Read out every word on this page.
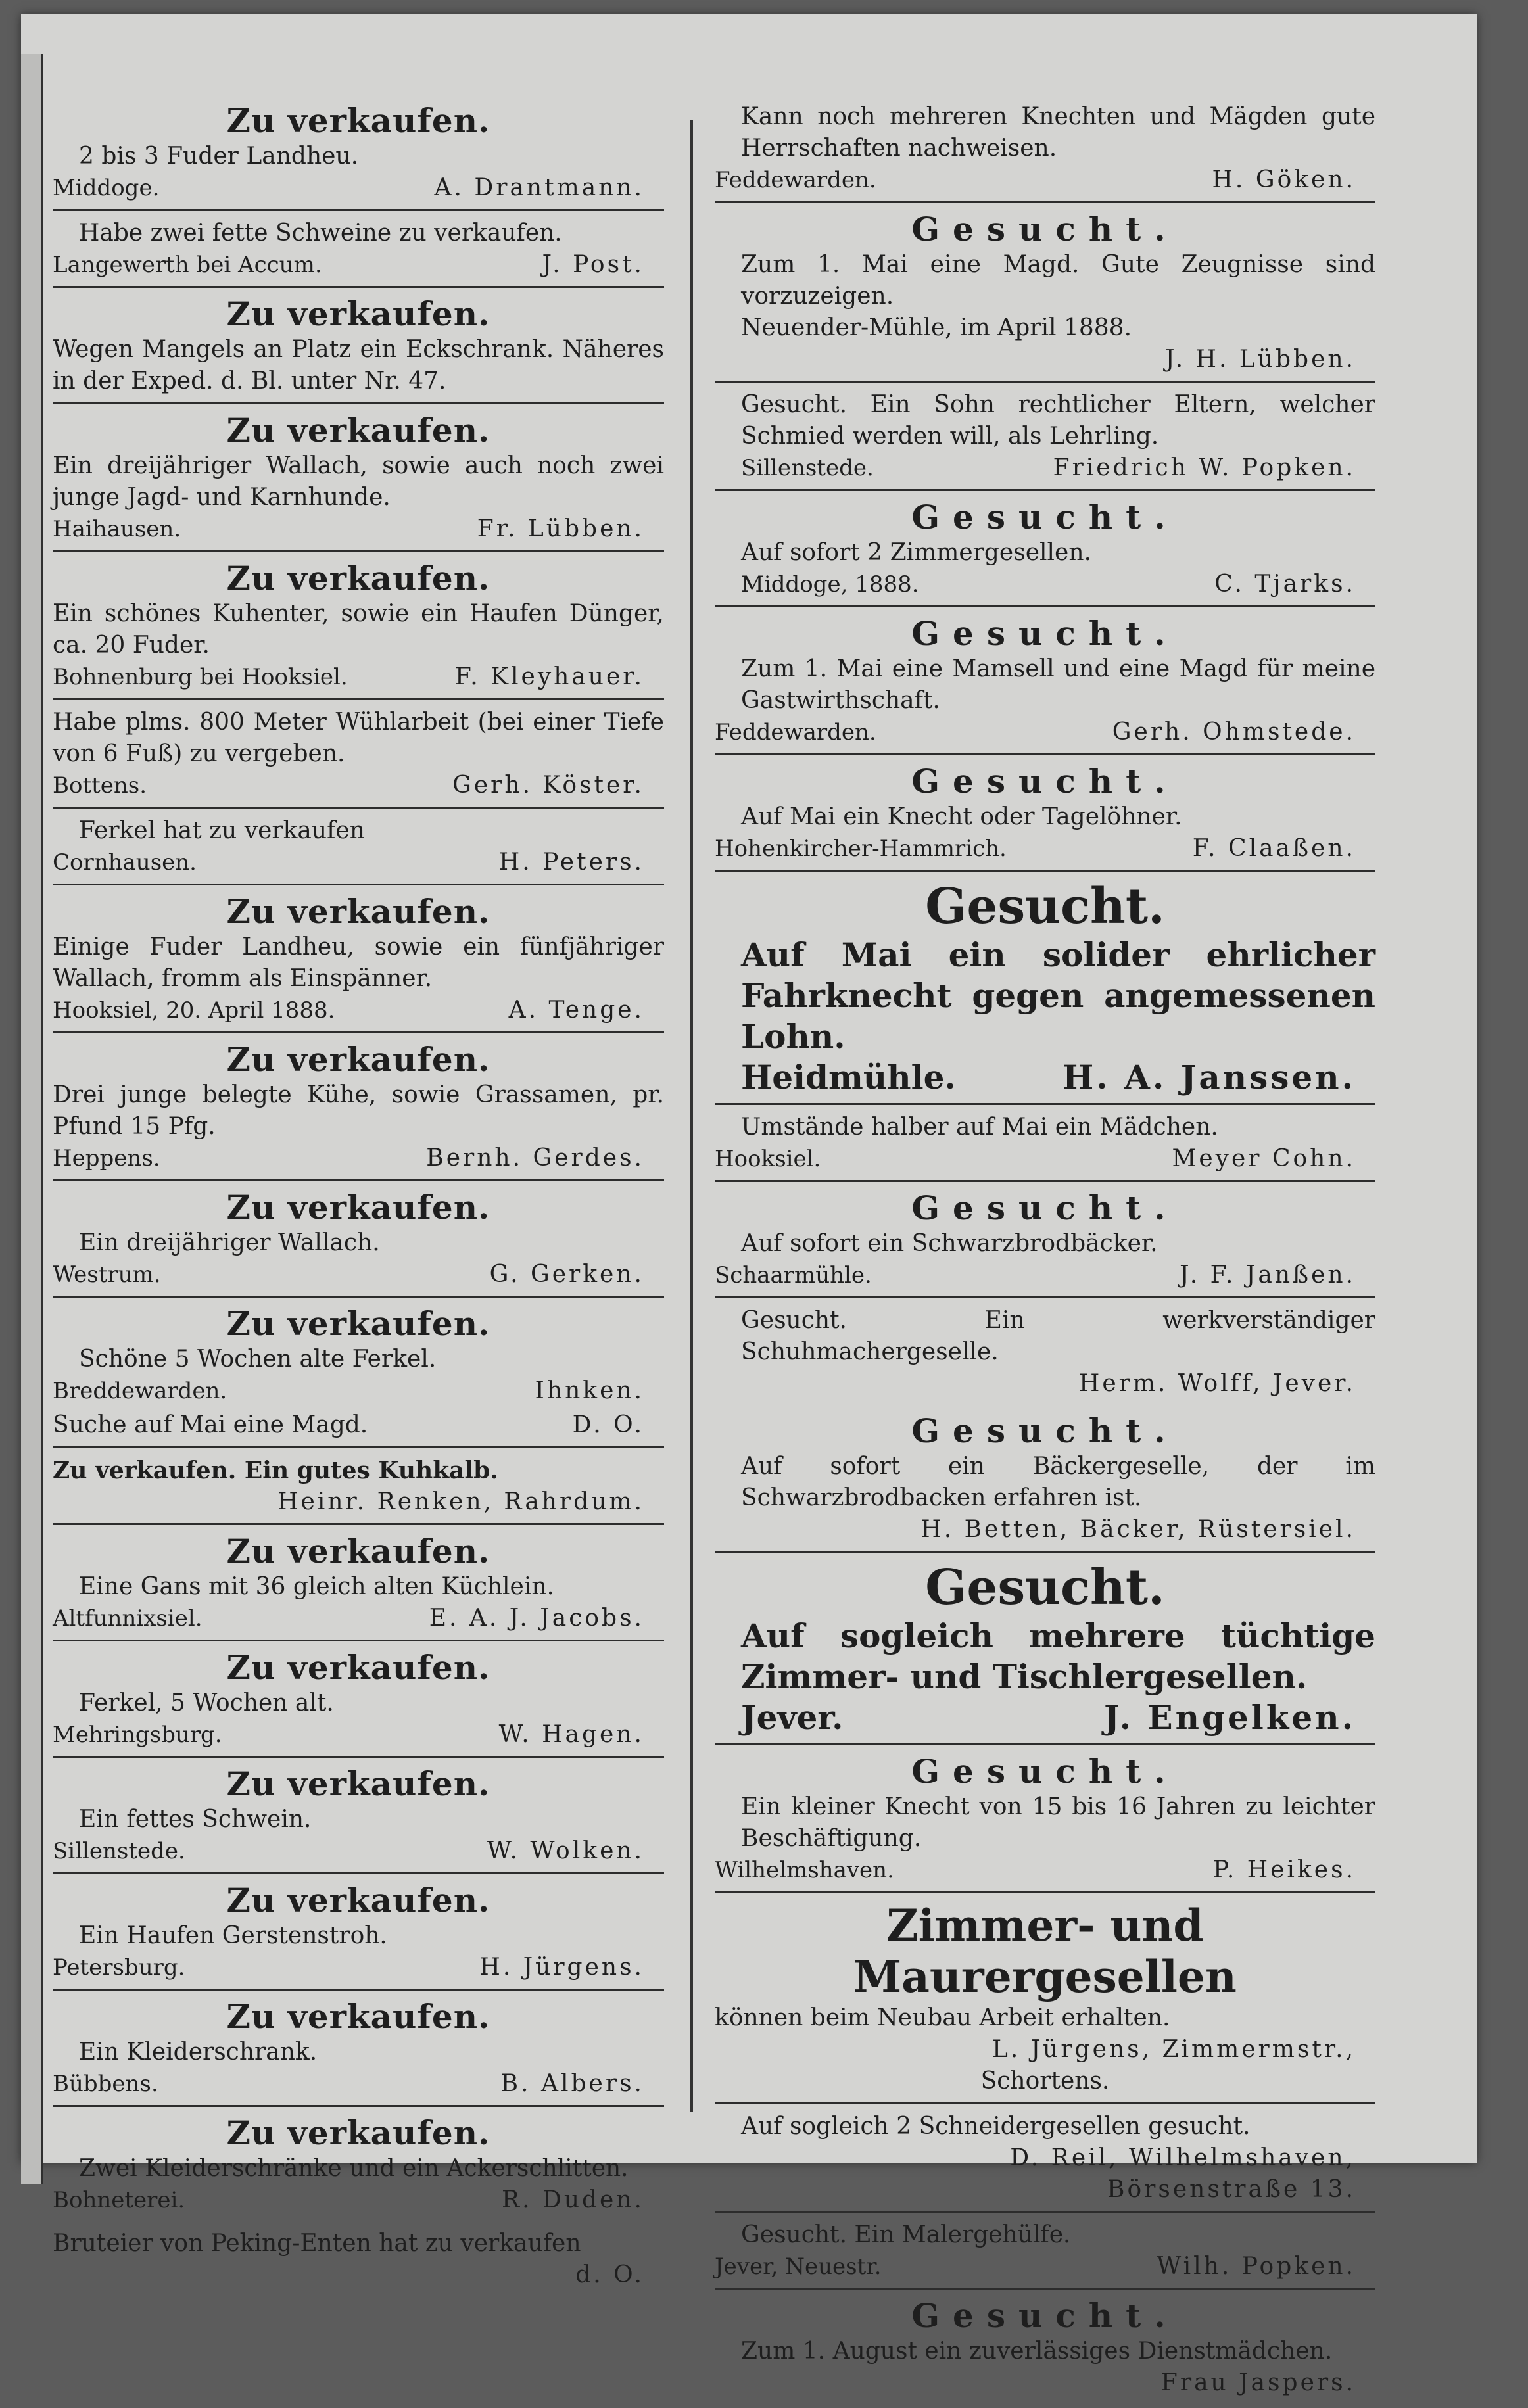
Zu verkaufen.
2 bis 3 Fuder Landheu.
Middoge.	A. Drantmann.
Habe zwei fette Schweine zu verkaufen.
Langewerth bei Accum.	J. Post.
Zu verkaufen.
Wegen Mangels an Platz ein Eckschrank. Näheres in der Exped. d. Bl. unter Nr. 47.
Zu verkaufen.
Ein dreijähriger Wallach, sowie auch noch zwei junge Jagd- und Karnhunde.
Haihausen.	Fr. Lübben.
Zu verkaufen.
Ein schönes Kuhenter, sowie ein Haufen Dünger, ca. 20 Fuder.
Bohnenburg bei Hooksiel.	F. Kleyhauer.
Habe plms. 800 Meter Wühlarbeit (bei einer Tiefe von 6 Fuß) zu vergeben.
Bottens.	Gerh. Köster.
Ferkel hat zu verkaufen
Cornhausen.	H. Peters.
Zu verkaufen.
Einige Fuder Landheu, sowie ein fünfjähriger Wallach, fromm als Einspänner.
Hooksiel, 20. April 1888.	A. Tenge.
Zu verkaufen.
Drei junge belegte Kühe, sowie Grassamen, pr. Pfund 15 Pfg.
Heppens.	Bernh. Gerdes.
Zu verkaufen.
Ein dreijähriger Wallach.
Westrum.	G. Gerken.
Zu verkaufen.
Schöne 5 Wochen alte Ferkel.
Breddewarden.	Ihnken.
Suche auf Mai eine Magd.	D. O.
Zu verkaufen. Ein gutes Kuhkalb.
Heinr. Renken, Rahrdum.
Zu verkaufen.
Eine Gans mit 36 gleich alten Küchlein.
Altfunnixsiel.	E. A. J. Jacobs.
Zu verkaufen.
Ferkel, 5 Wochen alt.
Mehringsburg.	W. Hagen.
Zu verkaufen.
Ein fettes Schwein.
Sillenstede.	W. Wolken.
Zu verkaufen.
Ein Haufen Gerstenstroh.
Petersburg.	H. Jürgens.
Zu verkaufen.
Ein Kleiderschrank.
Bübbens.	B. Albers.
Zu verkaufen.
Zwei Kleiderschränke und ein Ackerschlitten.
Bohneterei.	R. Duden.
Bruteier von Peking-Enten hat zu verkaufen
d. O.
Kann noch mehreren Knechten und Mägden gute Herrschaften nachweisen.
Feddewarden.	H. Göken.
Gesucht.
Zum 1. Mai eine Magd. Gute Zeugnisse sind vorzuzeigen.
Neuender-Mühle, im April 1888.
J. H. Lübben.
Gesucht. Ein Sohn rechtlicher Eltern, welcher Schmied werden will, als Lehrling.
Sillenstede.	Friedrich W. Popken.
Gesucht.
Auf sofort 2 Zimmergesellen.
Middoge, 1888.	C. Tjarks.
Gesucht.
Zum 1. Mai eine Mamsell und eine Magd für meine Gastwirthschaft.
Feddewarden.	Gerh. Ohmstede.
Gesucht.
Auf Mai ein Knecht oder Tagelöhner.
Hohenkircher-Hammrich.	F. Claaßen.
Gesucht.
Auf Mai ein solider ehrlicher Fahrknecht gegen angemessenen Lohn.
Heidmühle.	H. A. Janssen.
Umstände halber auf Mai ein Mädchen.
Hooksiel.	Meyer Cohn.
Gesucht.
Auf sofort ein Schwarzbrodbäcker.
Schaarmühle.	J. F. Janßen.
Gesucht. Ein werkverständiger Schuhmachergeselle.
Herm. Wolff, Jever.
Gesucht.
Auf sofort ein Bäckergeselle, der im Schwarzbrodbacken erfahren ist.
H. Betten, Bäcker, Rüstersiel.
Gesucht.
Auf sogleich mehrere tüchtige Zimmer- und Tischlergesellen.
Jever.	J. Engelken.
Gesucht.
Ein kleiner Knecht von 15 bis 16 Jahren zu leichter Beschäftigung.
Wilhelmshaven.	P. Heikes.
Zimmer- und Maurergesellen
können beim Neubau Arbeit erhalten.
L. Jürgens, Zimmermstr.,
Schortens.
Auf sogleich 2 Schneidergesellen gesucht.
D. Reil, Wilhelmshaven,
Börsenstraße 13.
Gesucht. Ein Malergehülfe.
Jever, Neuestr.	Wilh. Popken.
Gesucht.
Zum 1. August ein zuverlässiges Dienstmädchen.
Frau Jaspers.
